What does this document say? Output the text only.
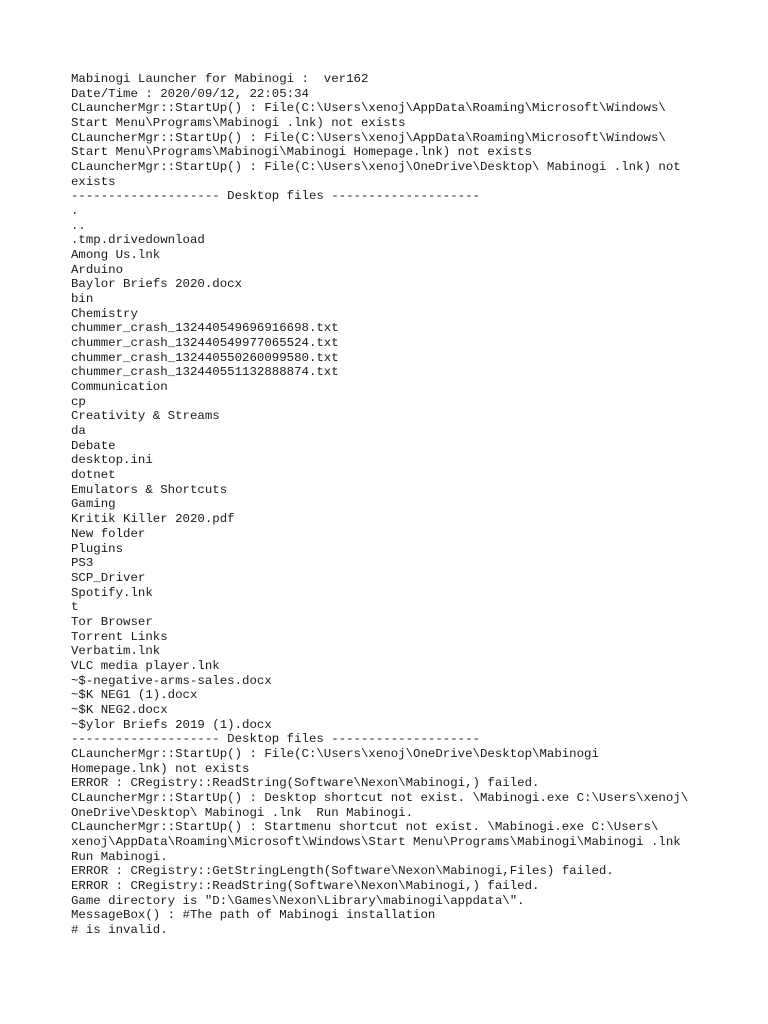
Mabinogi Launcher for Mabinogi :  ver162
Date/Time : 2020/09/12, 22:05:34
CLauncherMgr::StartUp() : File(C:\Users\xenoj\AppData\Roaming\Microsoft\Windows\
Start Menu\Programs\Mabinogi .lnk) not exists
CLauncherMgr::StartUp() : File(C:\Users\xenoj\AppData\Roaming\Microsoft\Windows\
Start Menu\Programs\Mabinogi\Mabinogi Homepage.lnk) not exists
CLauncherMgr::StartUp() : File(C:\Users\xenoj\OneDrive\Desktop\ Mabinogi .lnk) not
exists
-------------------- Desktop files --------------------
.
..
.tmp.drivedownload
Among Us.lnk
Arduino
Baylor Briefs 2020.docx
bin
Chemistry
chummer_crash_132440549696916698.txt
chummer_crash_132440549977065524.txt
chummer_crash_132440550260099580.txt
chummer_crash_132440551132888874.txt
Communication
cp
Creativity & Streams
da
Debate
desktop.ini
dotnet
Emulators & Shortcuts
Gaming
Kritik Killer 2020.pdf
New folder
Plugins
PS3
SCP_Driver
Spotify.lnk
t
Tor Browser
Torrent Links
Verbatim.lnk
VLC media player.lnk
~$-negative-arms-sales.docx
~$K NEG1 (1).docx
~$K NEG2.docx
~$ylor Briefs 2019 (1).docx
-------------------- Desktop files --------------------
CLauncherMgr::StartUp() : File(C:\Users\xenoj\OneDrive\Desktop\Mabinogi
Homepage.lnk) not exists
ERROR : CRegistry::ReadString(Software\Nexon\Mabinogi,) failed.
CLauncherMgr::StartUp() : Desktop shortcut not exist. \Mabinogi.exe C:\Users\xenoj\
OneDrive\Desktop\ Mabinogi .lnk  Run Mabinogi.
CLauncherMgr::StartUp() : Startmenu shortcut not exist. \Mabinogi.exe C:\Users\
xenoj\AppData\Roaming\Microsoft\Windows\Start Menu\Programs\Mabinogi\Mabinogi .lnk
Run Mabinogi.
ERROR : CRegistry::GetStringLength(Software\Nexon\Mabinogi,Files) failed.
ERROR : CRegistry::ReadString(Software\Nexon\Mabinogi,) failed.
Game directory is "D:\Games\Nexon\Library\mabinogi\appdata\".
MessageBox() : #The path of Mabinogi installation
# is invalid.
